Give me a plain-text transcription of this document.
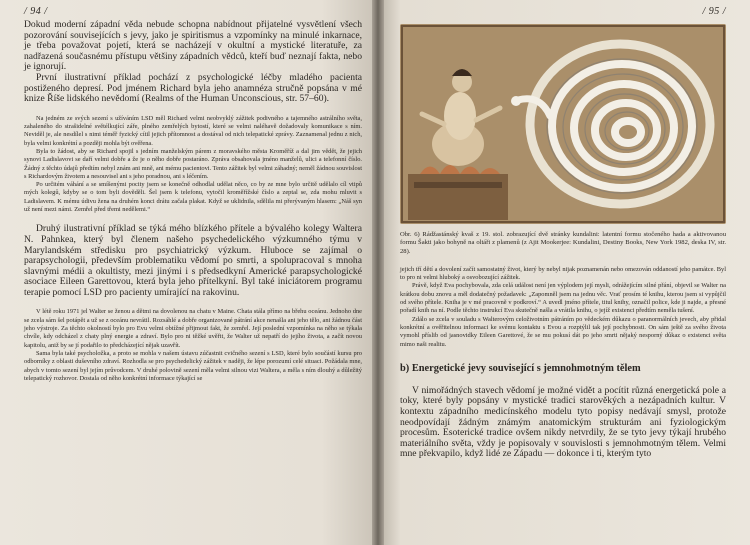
/ 94 /

Dokud moderní západní věda nebude schopna nabídnout přijatelné vysvětlení všech pozorování souvisejících s jevy, jako je spiritismus a vzpomínky na minulé inkarnace, je třeba považovat pojetí, která se nacházejí v okultní a mystické literatuře, za nadřazená současnému přístupu většiny západních vědců, kteří buď neznají fakta, nebo je ignorují.

První ilustrativní příklad pochází z psychologické léčby mladého pacienta postiženého depresí. Pod jménem Richard byla jeho anamnéza stručně popsána v mé knize Říše lidského nevědomí (Realms of the Human Unconscious, str. 57–60).

Na jedném ze svých sezení s užíváním LSD měl Richard velmi neobvyklý zážitek podivného a tajemného astrálního světa, zahaleného do strašidelné světélkující záře, plného zemřelých bytostí, které se velmi naléhavě dožadovaly komunikace s ním. Neviděl je, ale nesdílel s nimi téměř fyzický cítil jejich přítomnost a dostával od nich telepatické zprávy. Zaznamenal jednu z nich, byla velmi konkrétní a později mohla být ověřena.

Byla to žádost, aby se Richard spojil s jedním manželským párem z moravského města Kroměříž a dal jim vědět, že jejich synovi Ladislavovi se daří velmi dobře a že je o něho dobře postaráno. Zpráva obsahovala jméno manželů, ulici a telefonní číslo. Žádný z těchto údajů předtím nebyl znám ani mně, ani mému pacientovi. Tento zážitek byl velmi záhadný; neměl žádnou souvislost s Richardovým životem a nesouvisel ani s jeho poradnou, ani s léčením.

Po určitém váhání a se smíšenými pocity jsem se konečně odhodlal udělat něco, co by ze mne bylo určitě udělalo cíl vtipů mých kolegů, kdyby se o tom byli dověděli. Šel jsem k telefonu, vytočil kroměřížské číslo a zeptal se, zda mohu mluvit s Ladislavem. K mému údivu žena na druhém konci drátu začala plakat. Když se uklidnila, sdělila mi přerývaným hlasem: „Náš syn už není mezi námi. Zemřel před třemi nedělemi.“

Druhý ilustrativní příklad se týká mého blízkého přítele a bývalého kolegy Waltera N. Pahnkea, který byl členem našeho psychedelického výzkumného týmu v Marylandském středisku pro psychiatrický výzkum. Hluboce se zajímal o parapsychologii, především problematiku vědomí po smrti, a spolupracoval s mnoha slavnými médii a okultisty, mezi jinými i s předsedkyní Americké parapsychologické asociace Eileen Garettovou, která byla jeho přítelkyní. Byl také iniciátorem programu terapie pomocí LSD pro pacienty umírající na rakovinu.

V létě roku 1971 jel Walter se ženou a dětmi na dovolenou na chatu v Maine. Chata stála přímo na břehu oceánu. Jednoho dne se zcela sám šel potápět a už se z oceánu nevrátil. Rozsáhlé a dobře organizované pátrání akce nenašla ani jeho tělo, ani žádnou část jeho výstroje. Za těchto okolností bylo pro Evu velmi obtížné přijmout fakt, že zemřel. Její poslední vzpomínka na něho se týkala chvíle, kdy odcházel z chaty plný energie a zdraví. Bylo pro ni těžké uvěřit, že Walter už nepatří do jejího života, a začít novou kapitolu, aniž by se jí podařilo to předcházející nějak uzavřít.

Sama byla také psycholožka, a proto se mohla v našem ústavu zúčastnit cvičného sezení s LSD, které bylo součástí kursu pro odborníky z oblasti duševního zdraví. Rozhodla se pro psychedelický zážitek v naději, že lépe porozumí celé situaci. Požádala mne, abych v tomto sezení byl jejím průvodcem. V druhé polovině sezení měla velmi silnou vizi Waltera, a měla s ním dlouhý a důležitý telepatický rozhovor. Dostala od něho konkrétní informace týkající se

/ 95 /

Obr. 6) Rádžastánský kvaš z 19. stol. zobrazující dvě stránky kundalini: latentní formu stočeného hada a aktivovanou formu Šakti jako bohyně na oltáři z plamenů (z Ajit Mookerjee: Kundalini, Destiny Books, New York 1982, deska IV, str. 28).

jejich tří dětí a dovolení začít samostatný život, který by nebyl nijak poznamenán nebo omezován oddaností jeho památce. Byl to pro ni velmi hluboký a osvobozující zážitek.

Právě, když Eva pochybovala, zda celá událost není jen výplodem její mysli, odrážejícím silné přání, objevil se Walter na krátkou dobu znovu a měl dodatečný požadavek: „Zapomněl jsem na jednu věc. Vrať prosím té knihu, kterou jsem si vypůjčil od svého přítele. Kniha je v mé pracovně v podkroví.“ A uvedl jméno přítele, titul knihy, označil police, kde ji najde, a přesné pořadí knih na ní. Podle těchto instrukcí Eva skutečně našla a vrátila knihu, o jejíž existenci předtím neměla tušení.

Zdálo se zcela v souladu s Walterovým celoživotním pátráním po vědeckém důkazu o paranormálních jevech, aby přidal konkrétní a ověřitelnou informaci ke svému kontaktu s Evou a rozptýlil tak její pochybnosti. On sám ještě za svého života vymohl příslib od jasnovidky Eileen Garettové, že se mu pokusí dát po jeho smrti nějaký nesporný důkaz o existenci světa mimo naši realitu.

b) Energetické jevy související s jemnohmotným tělem

V nimořádných stavech vědomí je možné vidět a pocítit různá energetická pole a toky, které byly popsány v mystické tradici starověkých a nezápadních kultur. V kontextu západního medicínského modelu tyto popisy nedávají smysl, protože neodpovídají žádným známým anatomickým strukturám ani fyziologickým procesům. Esoterické tradice ovšem nikdy netvrdily, že se tyto jevy týkají hrubého materiálního světa, vždy je popisovaly v souvislosti s jemnohmotným tělem. Velmi mne překvapilo, když lidé ze Západu — dokonce i ti, kterým tyto
